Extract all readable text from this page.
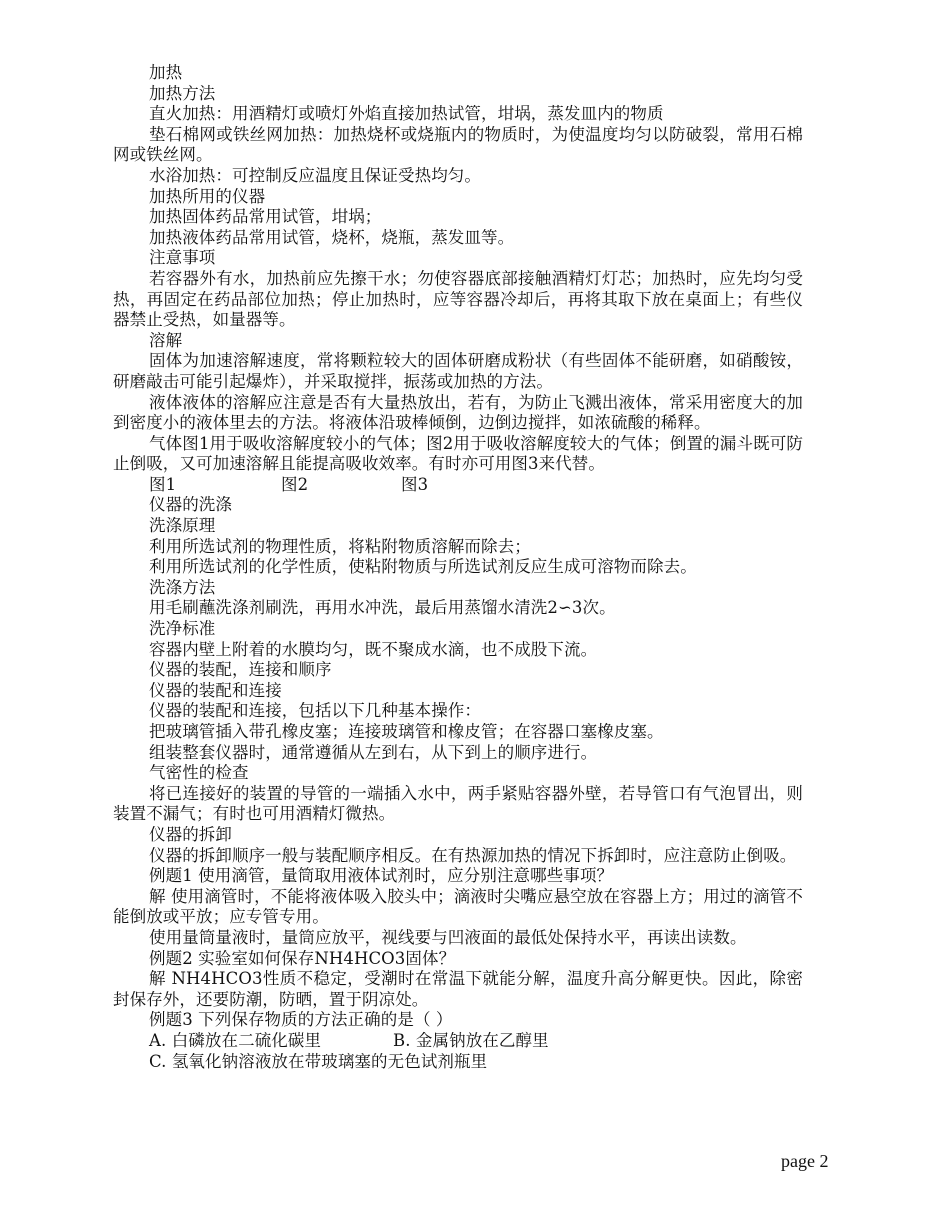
加热
加热方法
直火加热：用酒精灯或喷灯外焰直接加热试管，坩埚，蒸发皿内的物质
垫石棉网或铁丝网加热：加热烧杯或烧瓶内的物质时，为使温度均匀以防破裂，常用石棉网或铁丝网。
水浴加热：可控制反应温度且保证受热均匀。
加热所用的仪器
加热固体药品常用试管，坩埚；
加热液体药品常用试管，烧杯，烧瓶，蒸发皿等。
注意事项
若容器外有水，加热前应先擦干水；勿使容器底部接触酒精灯灯芯；加热时，应先均匀受热，再固定在药品部位加热；停止加热时，应等容器冷却后，再将其取下放在桌面上；有些仪器禁止受热，如量器等。
溶解
固体为加速溶解速度，常将颗粒较大的固体研磨成粉状（有些固体不能研磨，如硝酸铵，研磨敲击可能引起爆炸），并采取搅拌，振荡或加热的方法。
液体液体的溶解应注意是否有大量热放出，若有，为防止飞溅出液体，常采用密度大的加到密度小的液体里去的方法。将液体沿玻棒倾倒，边倒边搅拌，如浓硫酸的稀释。
气体图1用于吸收溶解度较小的气体；图2用于吸收溶解度较大的气体；倒置的漏斗既可防止倒吸，又可加速溶解且能提高吸收效率。有时亦可用图3来代替。
图1	图2	图3
仪器的洗涤
洗涤原理
利用所选试剂的物理性质，将粘附物质溶解而除去；
利用所选试剂的化学性质，使粘附物质与所选试剂反应生成可溶物而除去。
洗涤方法
用毛刷蘸洗涤剂刷洗，再用水冲洗，最后用蒸馏水清洗2∽3次。
洗净标准
容器内壁上附着的水膜均匀，既不聚成水滴，也不成股下流。
仪器的装配，连接和顺序
仪器的装配和连接
仪器的装配和连接，包括以下几种基本操作：
把玻璃管插入带孔橡皮塞；连接玻璃管和橡皮管；在容器口塞橡皮塞。
组装整套仪器时，通常遵循从左到右，从下到上的顺序进行。
气密性的检查
将已连接好的装置的导管的一端插入水中，两手紧贴容器外壁，若导管口有气泡冒出，则装置不漏气；有时也可用酒精灯微热。
仪器的拆卸
仪器的拆卸顺序一般与装配顺序相反。在有热源加热的情况下拆卸时，应注意防止倒吸。
例题1 使用滴管，量筒取用液体试剂时，应分别注意哪些事项？
解 使用滴管时，不能将液体吸入胶头中；滴液时尖嘴应悬空放在容器上方；用过的滴管不能倒放或平放；应专管专用。
使用量筒量液时，量筒应放平，视线要与凹液面的最低处保持水平，再读出读数。
例题2 实验室如何保存NH4HCO3固体？
解 NH4HCO3性质不稳定，受潮时在常温下就能分解，温度升高分解更快。因此，除密封保存外，还要防潮，防晒，置于阴凉处。
例题3 下列保存物质的方法正确的是（ ）
A. 白磷放在二硫化碳里	B. 金属钠放在乙醇里
C. 氢氧化钠溶液放在带玻璃塞的无色试剂瓶里
page 2
